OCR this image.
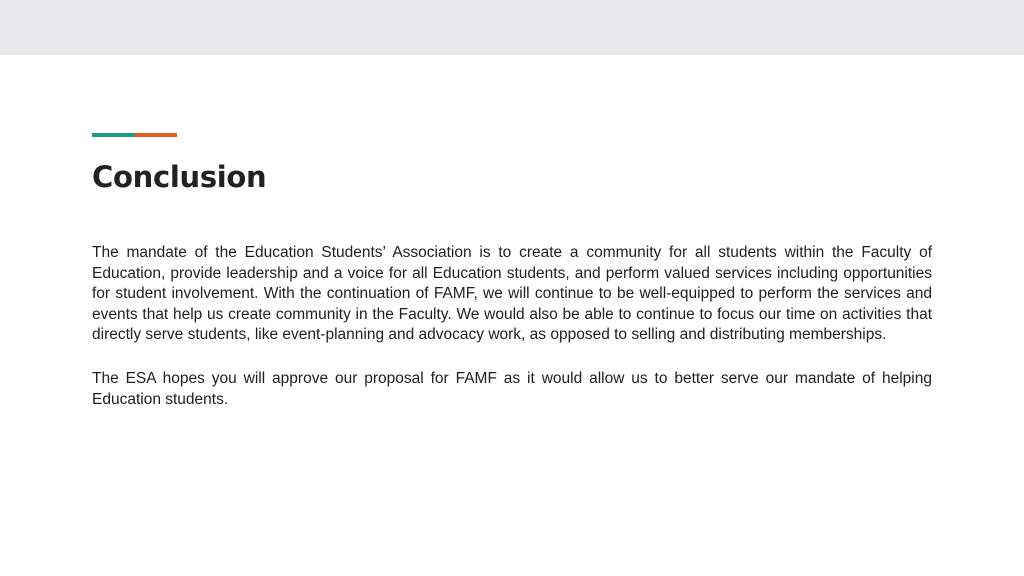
Conclusion

The mandate of the Education Students’ Association is to create a community for all students within the Faculty of Education, provide leadership and a voice for all Education students, and perform valued services including opportunities for student involvement. With the continuation of FAMF, we will continue to be well-equipped to perform the services and events that help us create community in the Faculty. We would also be able to continue to focus our time on activities that directly serve students, like event-planning and advocacy work, as opposed to selling and distributing memberships.

The ESA hopes you will approve our proposal for FAMF as it would allow us to better serve our mandate of helping Education students.
